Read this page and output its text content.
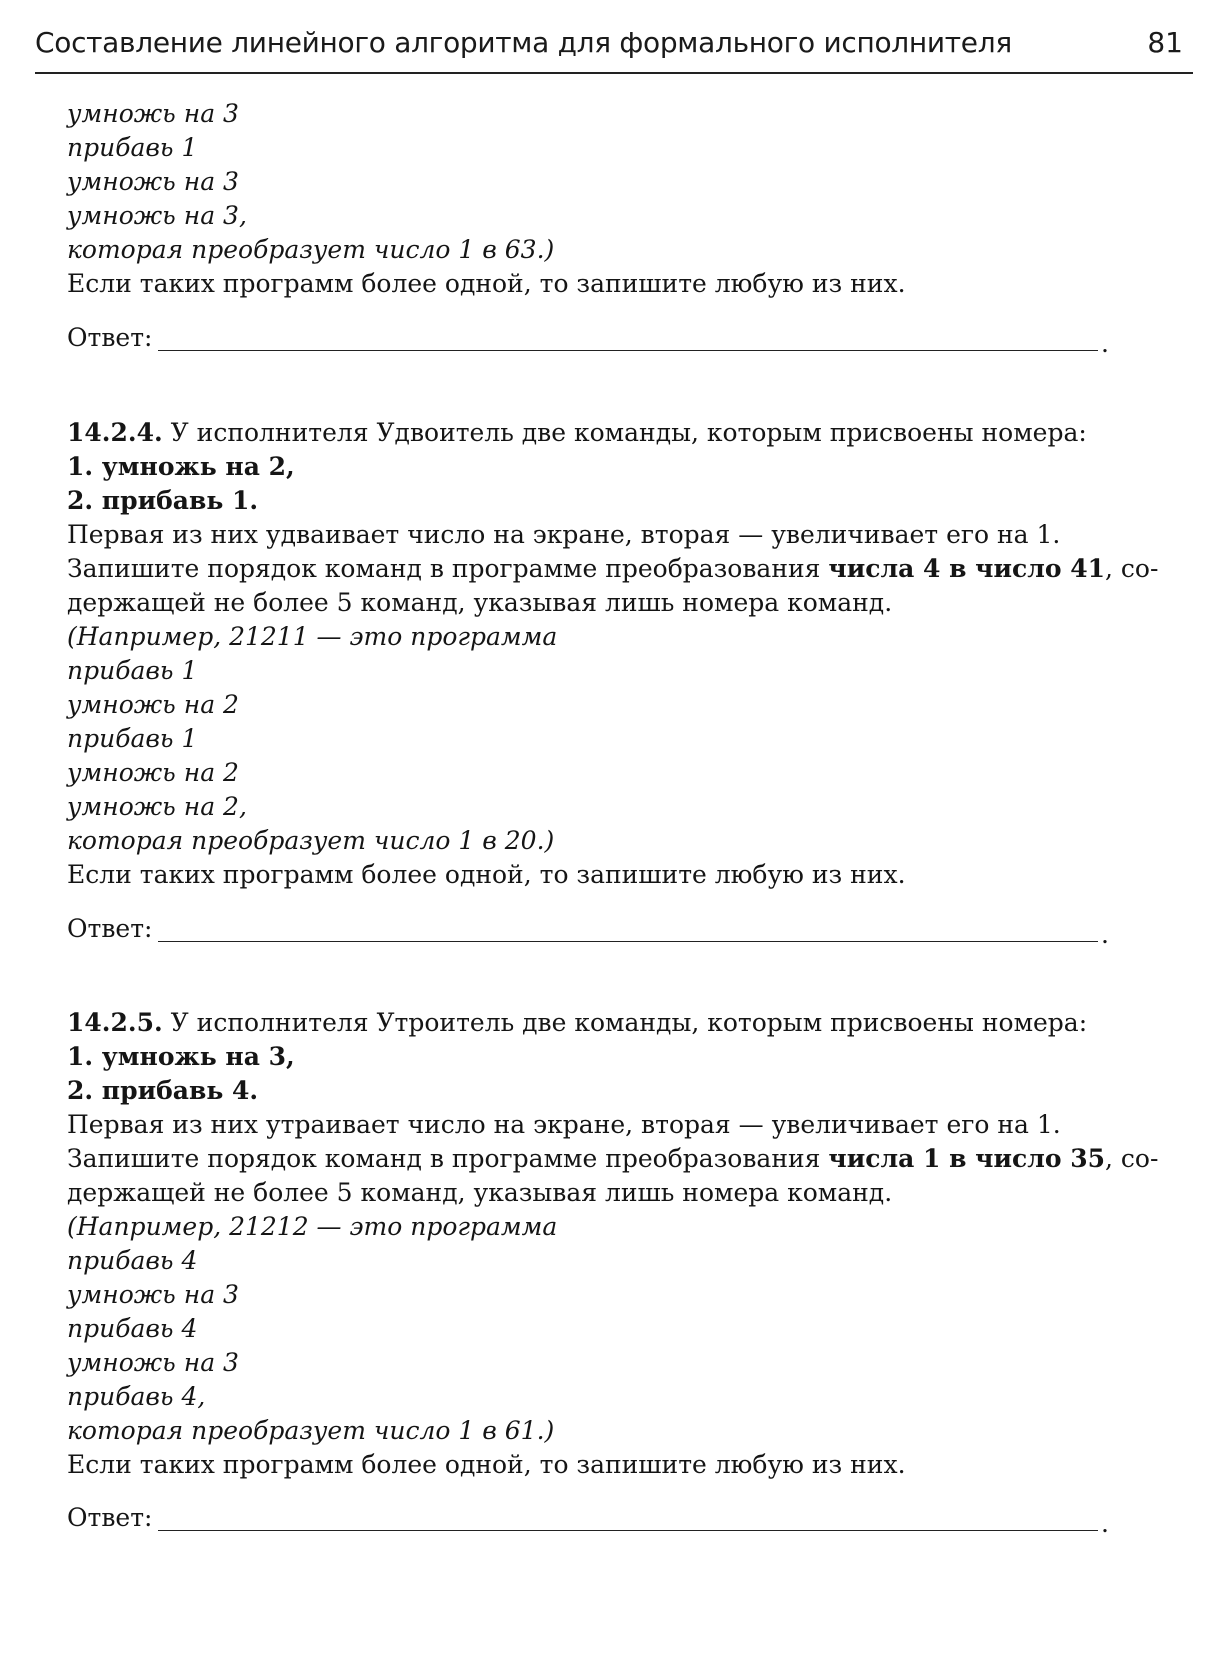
Составление линейного алгоритма для формального исполнителя	81
умножь на 3
прибавь 1
умножь на 3
умножь на 3,
которая преобразует число 1 в 63.)
Если таких программ более одной, то запишите любую из них.
Ответ:	.
14.2.4. У исполнителя Удвоитель две команды, которым присвоены номера:
1. умножь на 2,
2. прибавь 1.
Первая из них удваивает число на экране, вторая — увеличивает его на 1.
Запишите порядок команд в программе преобразования числа 4 в число 41, со-
держащей не более 5 команд, указывая лишь номера команд.
(Например, 21211 — это программа
прибавь 1
умножь на 2
прибавь 1
умножь на 2
умножь на 2,
которая преобразует число 1 в 20.)
Если таких программ более одной, то запишите любую из них.
Ответ:	.
14.2.5. У исполнителя Утроитель две команды, которым присвоены номера:
1. умножь на 3,
2. прибавь 4.
Первая из них утраивает число на экране, вторая — увеличивает его на 1.
Запишите порядок команд в программе преобразования числа 1 в число 35, со-
держащей не более 5 команд, указывая лишь номера команд.
(Например, 21212 — это программа
прибавь 4
умножь на 3
прибавь 4
умножь на 3
прибавь 4,
которая преобразует число 1 в 61.)
Если таких программ более одной, то запишите любую из них.
Ответ:	.
